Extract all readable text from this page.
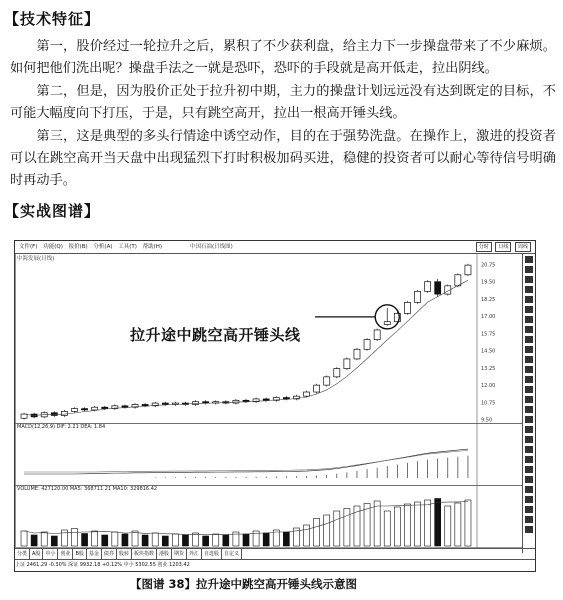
【技术特征】
第一，股价经过一轮拉升之后，累积了不少获利盘，给主力下一步操盘带来了不少麻烦。如何把他们洗出呢？操盘手法之一就是恐吓，恐吓的手段就是高开低走，拉出阴线。
第二，但是，因为股价正处于拉升初中期，主力的操盘计划远远没有达到既定的目标，不可能大幅度向下打压，于是，只有跳空高开，拉出一根高开锤头线。
第三，这是典型的多头行情途中诱空动作，目的在于强势洗盘。在操作上，激进的投资者可以在跳空高开当天盘中出现猛烈下打时积极加码买进，稳健的投资者可以耐心等待信号明确时再动手。
【实战图谱】
文件(F) 功能(Q) 报价(B) 分析(A) 工具(T) 帮助(H)	中国石油(日线图)	分时 日线 周线
20.75
19.50
18.25
17.00
15.75
14.50
13.25
12.00
10.75
9.50
中海发展(日线)
MACD(12,26,9) DIF: 2.21 DEA: 1.84
VOLUME: 427120.00 MA5: 368711.21 MA10: 329816.42
分类 A股 中小 创业 B股 基金 债券 股转 板块指数 港股 期货 外汇 自选股 自定义
上证 2461.29 -0.30% 深证 9932.18 +0.12% 中小 5302.55 创业 1203.42
拉升途中跳空高开锤头线
【图谱 38】拉升途中跳空高开锤头线示意图
